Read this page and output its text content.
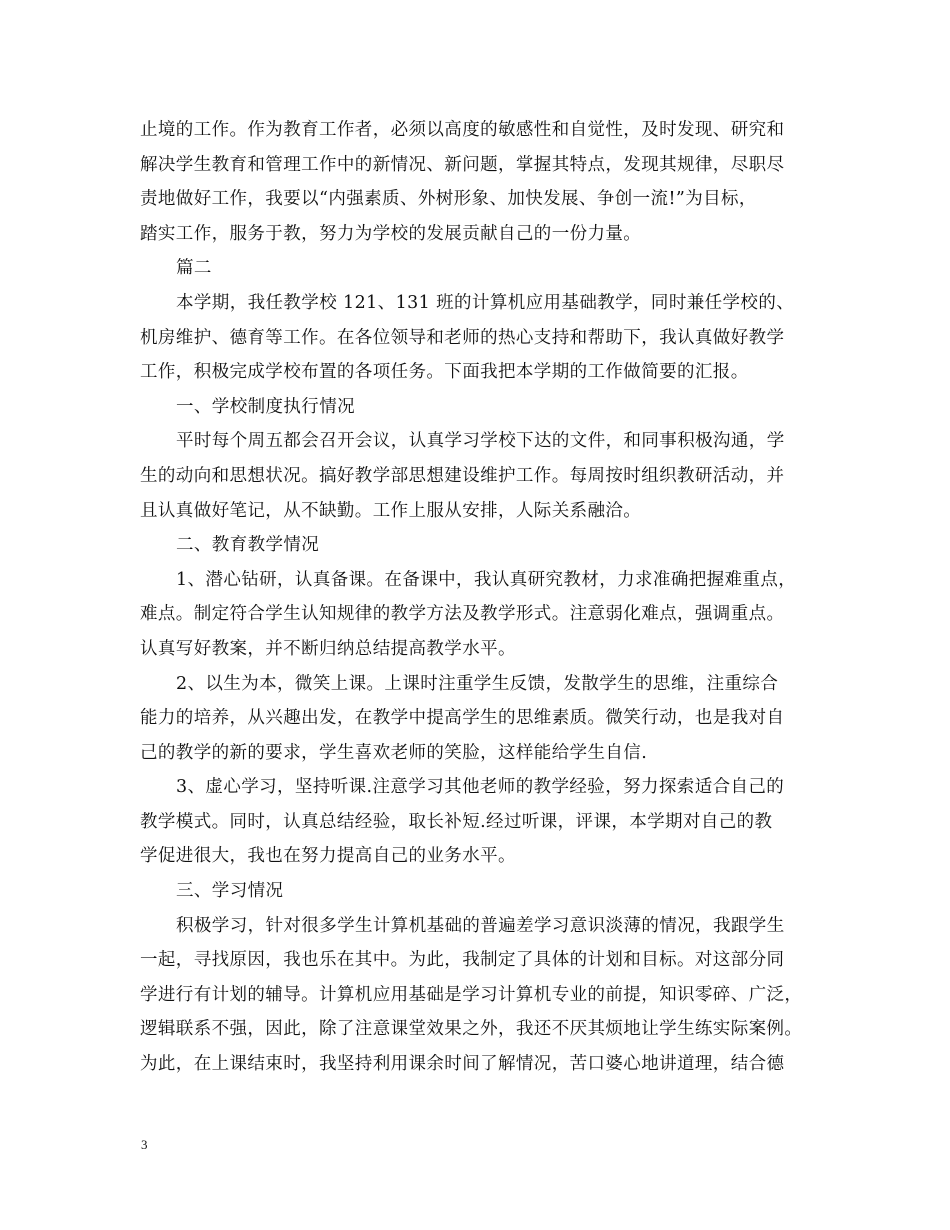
止境的工作。作为教育工作者，必须以高度的敏感性和自觉性，及时发现、研究和
解决学生教育和管理工作中的新情况、新问题，掌握其特点，发现其规律，尽职尽
责地做好工作，我要以“内强素质、外树形象、加快发展、争创一流!”为目标，
踏实工作，服务于教，努力为学校的发展贡献自己的一份力量。
篇二
本学期，我任教学校 121、131 班的计算机应用基础教学，同时兼任学校的、
机房维护、德育等工作。在各位领导和老师的热心支持和帮助下，我认真做好教学
工作，积极完成学校布置的各项任务。下面我把本学期的工作做简要的汇报。
一、学校制度执行情况
平时每个周五都会召开会议，认真学习学校下达的文件，和同事积极沟通，学
生的动向和思想状况。搞好教学部思想建设维护工作。每周按时组织教研活动，并
且认真做好笔记，从不缺勤。工作上服从安排，人际关系融洽。
二、教育教学情况
1、潜心钻研，认真备课。在备课中，我认真研究教材，力求准确把握难重点，
难点。制定符合学生认知规律的教学方法及教学形式。注意弱化难点，强调重点。
认真写好教案，并不断归纳总结提高教学水平。
2、以生为本，微笑上课。上课时注重学生反馈，发散学生的思维，注重综合
能力的培养，从兴趣出发，在教学中提高学生的思维素质。微笑行动，也是我对自
己的教学的新的要求，学生喜欢老师的笑脸，这样能给学生自信.
3、虚心学习，坚持听课.注意学习其他老师的教学经验，努力探索适合自己的
教学模式。同时，认真总结经验，取长补短.经过听课，评课，本学期对自己的教
学促进很大，我也在努力提高自己的业务水平。
三、学习情况
积极学习，针对很多学生计算机基础的普遍差学习意识淡薄的情况，我跟学生
一起，寻找原因，我也乐在其中。为此，我制定了具体的计划和目标。对这部分同
学进行有计划的辅导。计算机应用基础是学习计算机专业的前提，知识零碎、广泛，
逻辑联系不强，因此，除了注意课堂效果之外，我还不厌其烦地让学生练实际案例。
为此，在上课结束时，我坚持利用课余时间了解情况，苦口婆心地讲道理，结合德
3
